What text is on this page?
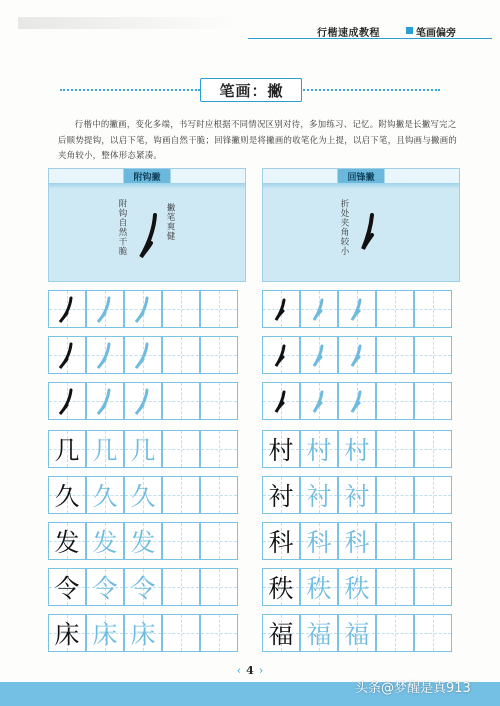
行楷速成教程	笔画偏旁
笔画：撇
行楷中的撇画，变化多端，书写时应根据不同情况区别对待，多加练习、记忆。附钩撇是长撇写完之后顺势提钩，以启下笔，钩画自然干脆；回锋撇则是将撇画的收笔化为上提，以启下笔，且钩画与撇画的夹角较小，整体形态紧凑。
附钩撇
附钩自然干脆	撇笔爽健
回锋撇
折处夹角较小
‹ 4 ›
头条@梦醒是真913
几 几 几
久 久 久
发 发 发
令 令 令
床 床 床
村 村 村
衬 衬 衬
科 科 科
秩 秩 秩
福 福 福
